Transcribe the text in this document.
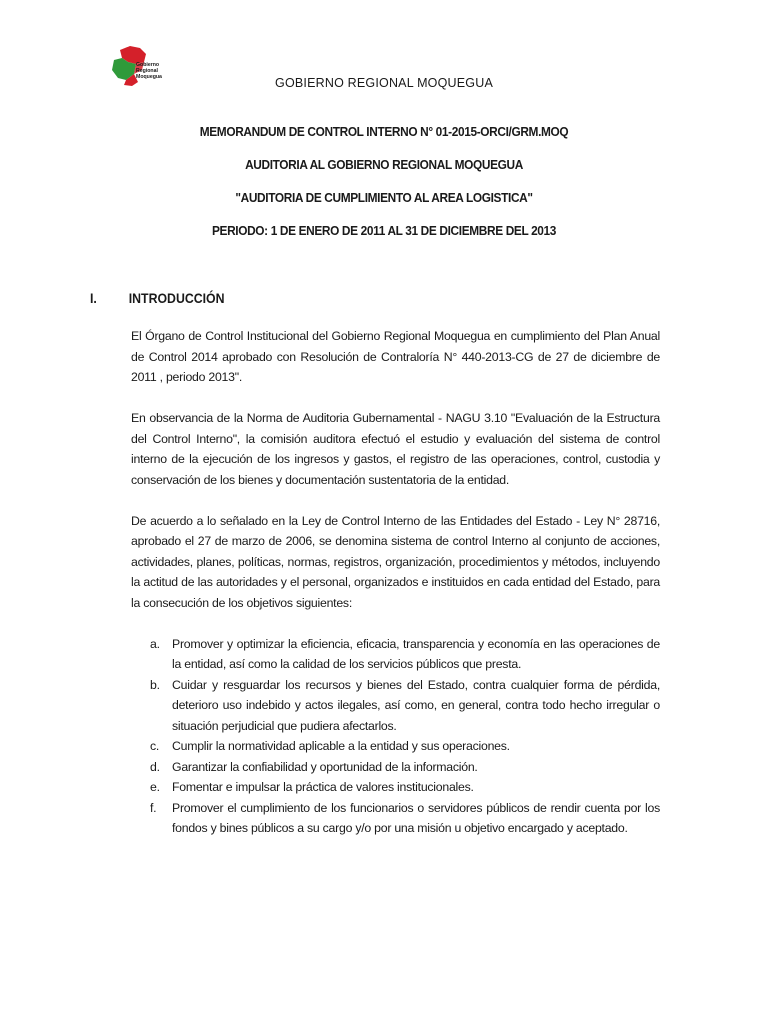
Gobierno
Regional
Moquegua	GOBIERNO REGIONAL MOQUEGUA
MEMORANDUM DE CONTROL INTERNO N° 01-2015-ORCI/GRM.MOQ
AUDITORIA AL GOBIERNO REGIONAL MOQUEGUA
"AUDITORIA DE CUMPLIMIENTO AL AREA LOGISTICA"
PERIODO: 1 DE ENERO DE 2011 AL 31 DE DICIEMBRE DEL 2013
I.	INTRODUCCIÓN

El Órgano de Control Institucional del Gobierno Regional Moquegua en cumplimiento del Plan Anual de Control 2014 aprobado con Resolución de Contraloría N° 440-2013-CG de 27 de diciembre de 2011 , periodo 2013".

En observancia de la Norma de Auditoria Gubernamental - NAGU 3.10 "Evaluación de la Estructura del Control Interno", la comisión auditora efectuó el estudio y evaluación del sistema de control interno de la ejecución de los ingresos y gastos, el registro de las operaciones, control, custodia y conservación de los bienes y documentación sustentatoria de la entidad.

De acuerdo a lo señalado en la Ley de Control Interno de las Entidades del Estado - Ley N° 28716, aprobado el 27 de marzo de 2006, se denomina sistema de control Interno al conjunto de acciones, actividades, planes, políticas, normas, registros, organización, procedimientos y métodos, incluyendo la actitud de las autoridades y el personal, organizados e instituidos en cada entidad del Estado, para la consecución de los objetivos siguientes:

a. Promover y optimizar la eficiencia, eficacia, transparencia y economía en las operaciones de la entidad, así como la calidad de los servicios públicos que presta.
b. Cuidar y resguardar los recursos y bienes del Estado, contra cualquier forma de pérdida, deterioro uso indebido y actos ilegales, así como, en general, contra todo hecho irregular o situación perjudicial que pudiera afectarlos.
c.	Cumplir la normatividad aplicable a la entidad y sus operaciones.
d. Garantizar la confiabilidad y oportunidad de la información.
e. Fomentar e impulsar la práctica de valores institucionales.
f.	Promover el cumplimiento de los funcionarios o servidores públicos de rendir cuenta por los fondos y bines públicos a su cargo y/o por una misión u objetivo encargado y aceptado.
